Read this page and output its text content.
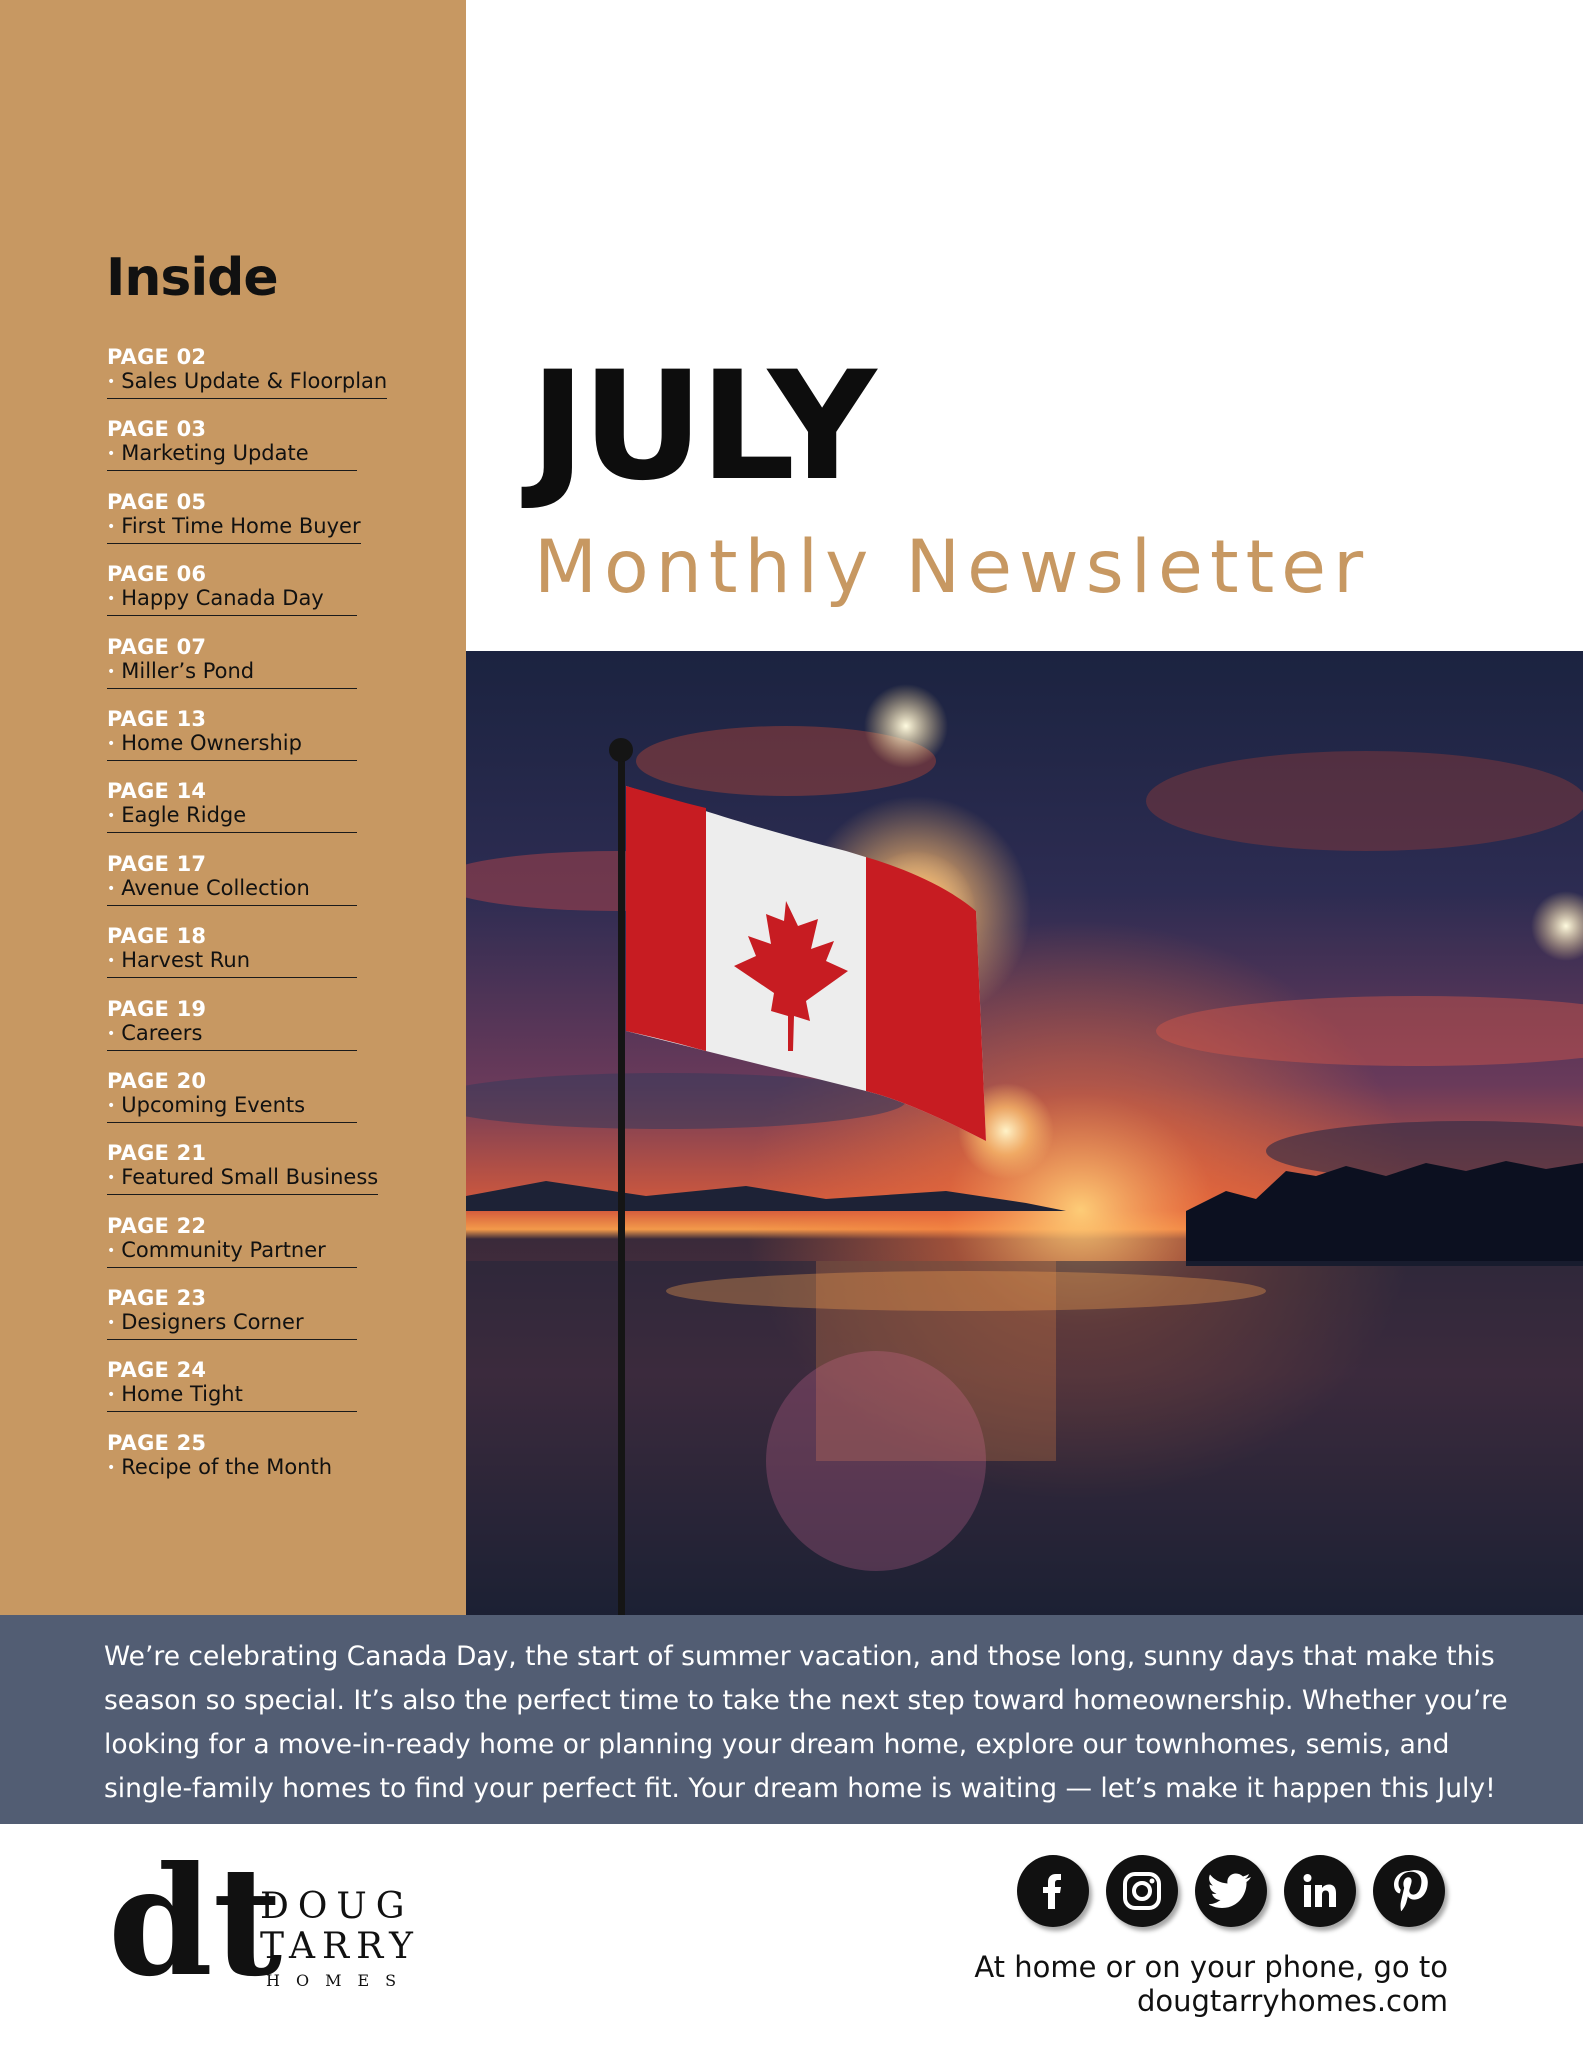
Inside
PAGE 02
• Sales Update & Floorplan
PAGE 03
• Marketing Update
PAGE 05
• First Time Home Buyer
PAGE 06
• Happy Canada Day
PAGE 07
• Miller’s Pond
PAGE 13
• Home Ownership
PAGE 14
• Eagle Ridge
PAGE 17
• Avenue Collection
PAGE 18
• Harvest Run
PAGE 19
• Careers
PAGE 20
• Upcoming Events
PAGE 21
• Featured Small Business
PAGE 22
• Community Partner
PAGE 23
• Designers Corner
PAGE 24
• Home Tight
PAGE 25
• Recipe of the Month
JULY
Monthly Newsletter

We’re celebrating Canada Day, the start of summer vacation, and those long, sunny days that make this season so special. It’s also the perfect time to take the next step toward homeownership. Whether you’re looking for a move-in-ready home or planning your dream home, explore our townhomes, semis, and single-family homes to find your perfect fit. Your dream home is waiting — let’s make it happen this July!

dt
DOUG
TARRY
HOMES	At home or on your phone, go to dougtarryhomes.com
